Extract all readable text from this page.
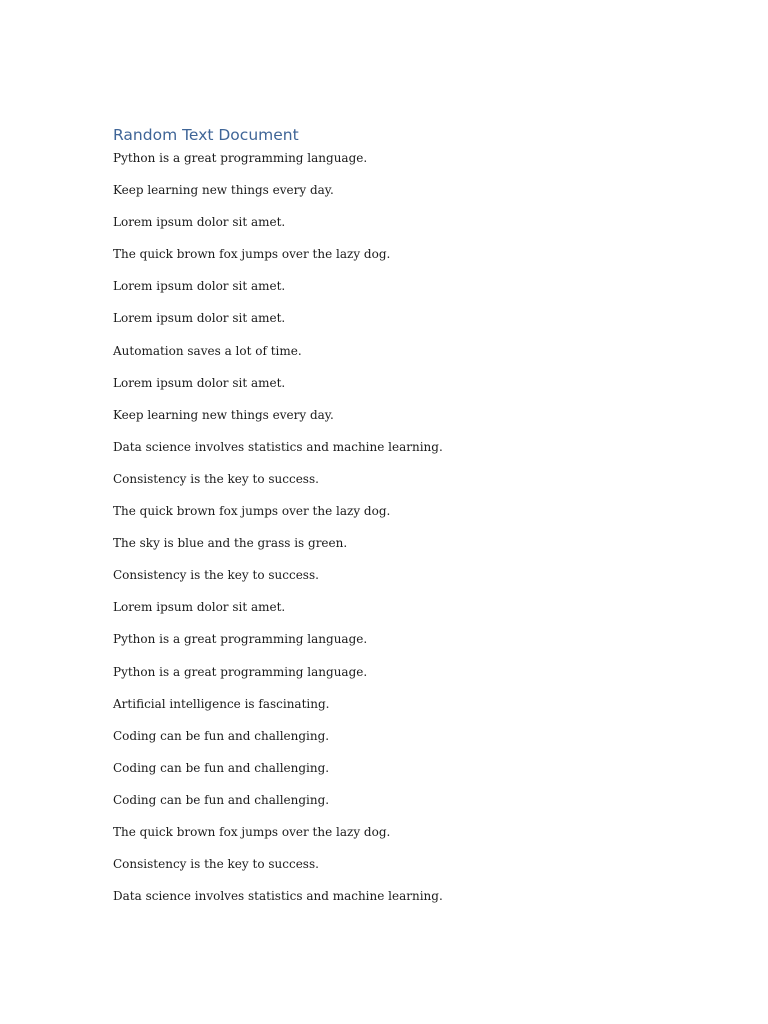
Random Text Document
Python is a great programming language.
Keep learning new things every day.
Lorem ipsum dolor sit amet.
The quick brown fox jumps over the lazy dog.
Lorem ipsum dolor sit amet.
Lorem ipsum dolor sit amet.
Automation saves a lot of time.
Lorem ipsum dolor sit amet.
Keep learning new things every day.
Data science involves statistics and machine learning.
Consistency is the key to success.
The quick brown fox jumps over the lazy dog.
The sky is blue and the grass is green.
Consistency is the key to success.
Lorem ipsum dolor sit amet.
Python is a great programming language.
Python is a great programming language.
Artificial intelligence is fascinating.
Coding can be fun and challenging.
Coding can be fun and challenging.
Coding can be fun and challenging.
The quick brown fox jumps over the lazy dog.
Consistency is the key to success.
Data science involves statistics and machine learning.
